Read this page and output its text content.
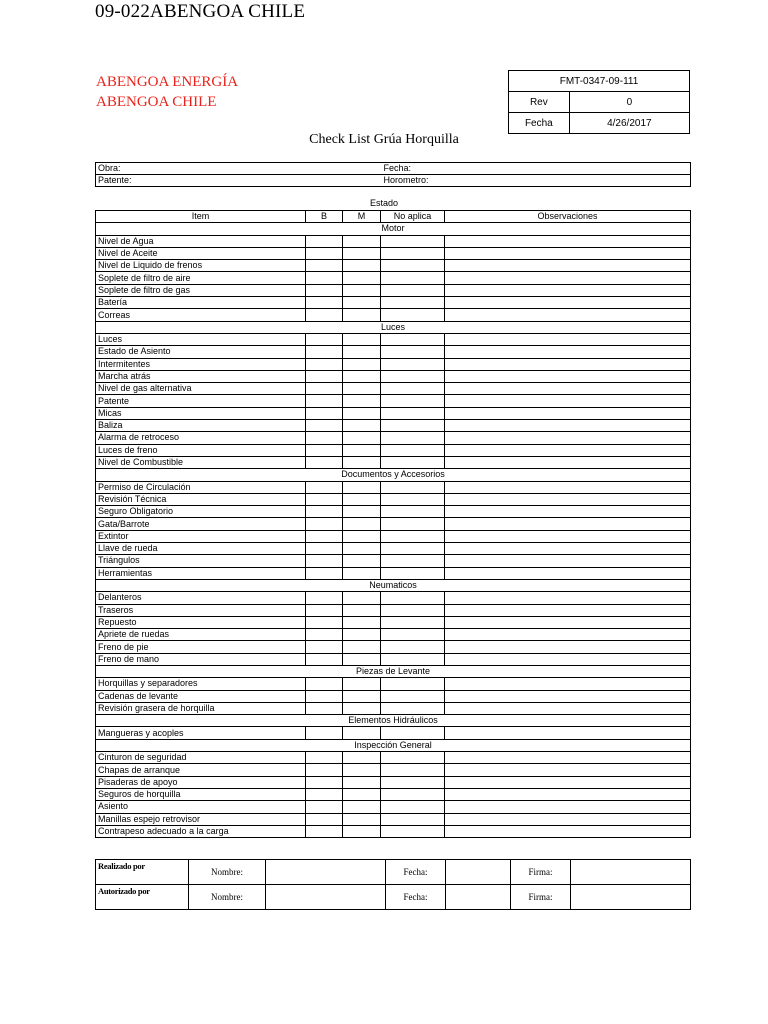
09-022ABENGOA CHILE
ABENGOA ENERGÍA
ABENGOA CHILE
FMT-0347-09-111	
Rev	0
Fecha	4/26/2017
Check List Grúa Horquilla
Obra:	Fecha:
Patente:	Horometro:
Estado
Item	B	M	No aplica	Observaciones
Motor				
Nivel de Agua				
Nivel de Aceite				
Nivel de Liquido de frenos				
Soplete de filtro de aire				
Soplete de filtro de gas				
Batería				
Correas				
Luces				
Luces				
Estado de Asiento				
Intermitentes				
Marcha atrás				
Nivel de gas alternativa				
Patente				
Micas				
Baliza				
Alarma de retroceso				
Luces de freno				
Nivel de Combustible				
Documentos y Accesorios				
Permiso de Circulación				
Revisión Técnica				
Seguro Obligatorio				
Gata/Barrote				
Extintor				
Llave de rueda				
Triángulos				
Herramientas				
Neumaticos				
Delanteros				
Traseros				
Repuesto				
Apriete de ruedas				
Freno de pie				
Freno de mano				
Piezas de Levante				
Horquillas y separadores				
Cadenas de levante				
Revisión grasera de horquilla				
Elementos Hidráulicos				
Mangueras y acoples				
Inspección General				
Cinturon de seguridad				
Chapas de arranque				
Pisaderas de apoyo				
Seguros de horquilla				
Asiento				
Manillas espejo retrovisor				
Contrapeso adecuado a la carga				
Realizado por	Nombre:		Fecha:		Firma:	
Autorizado por	Nombre:		Fecha:		Firma:	
